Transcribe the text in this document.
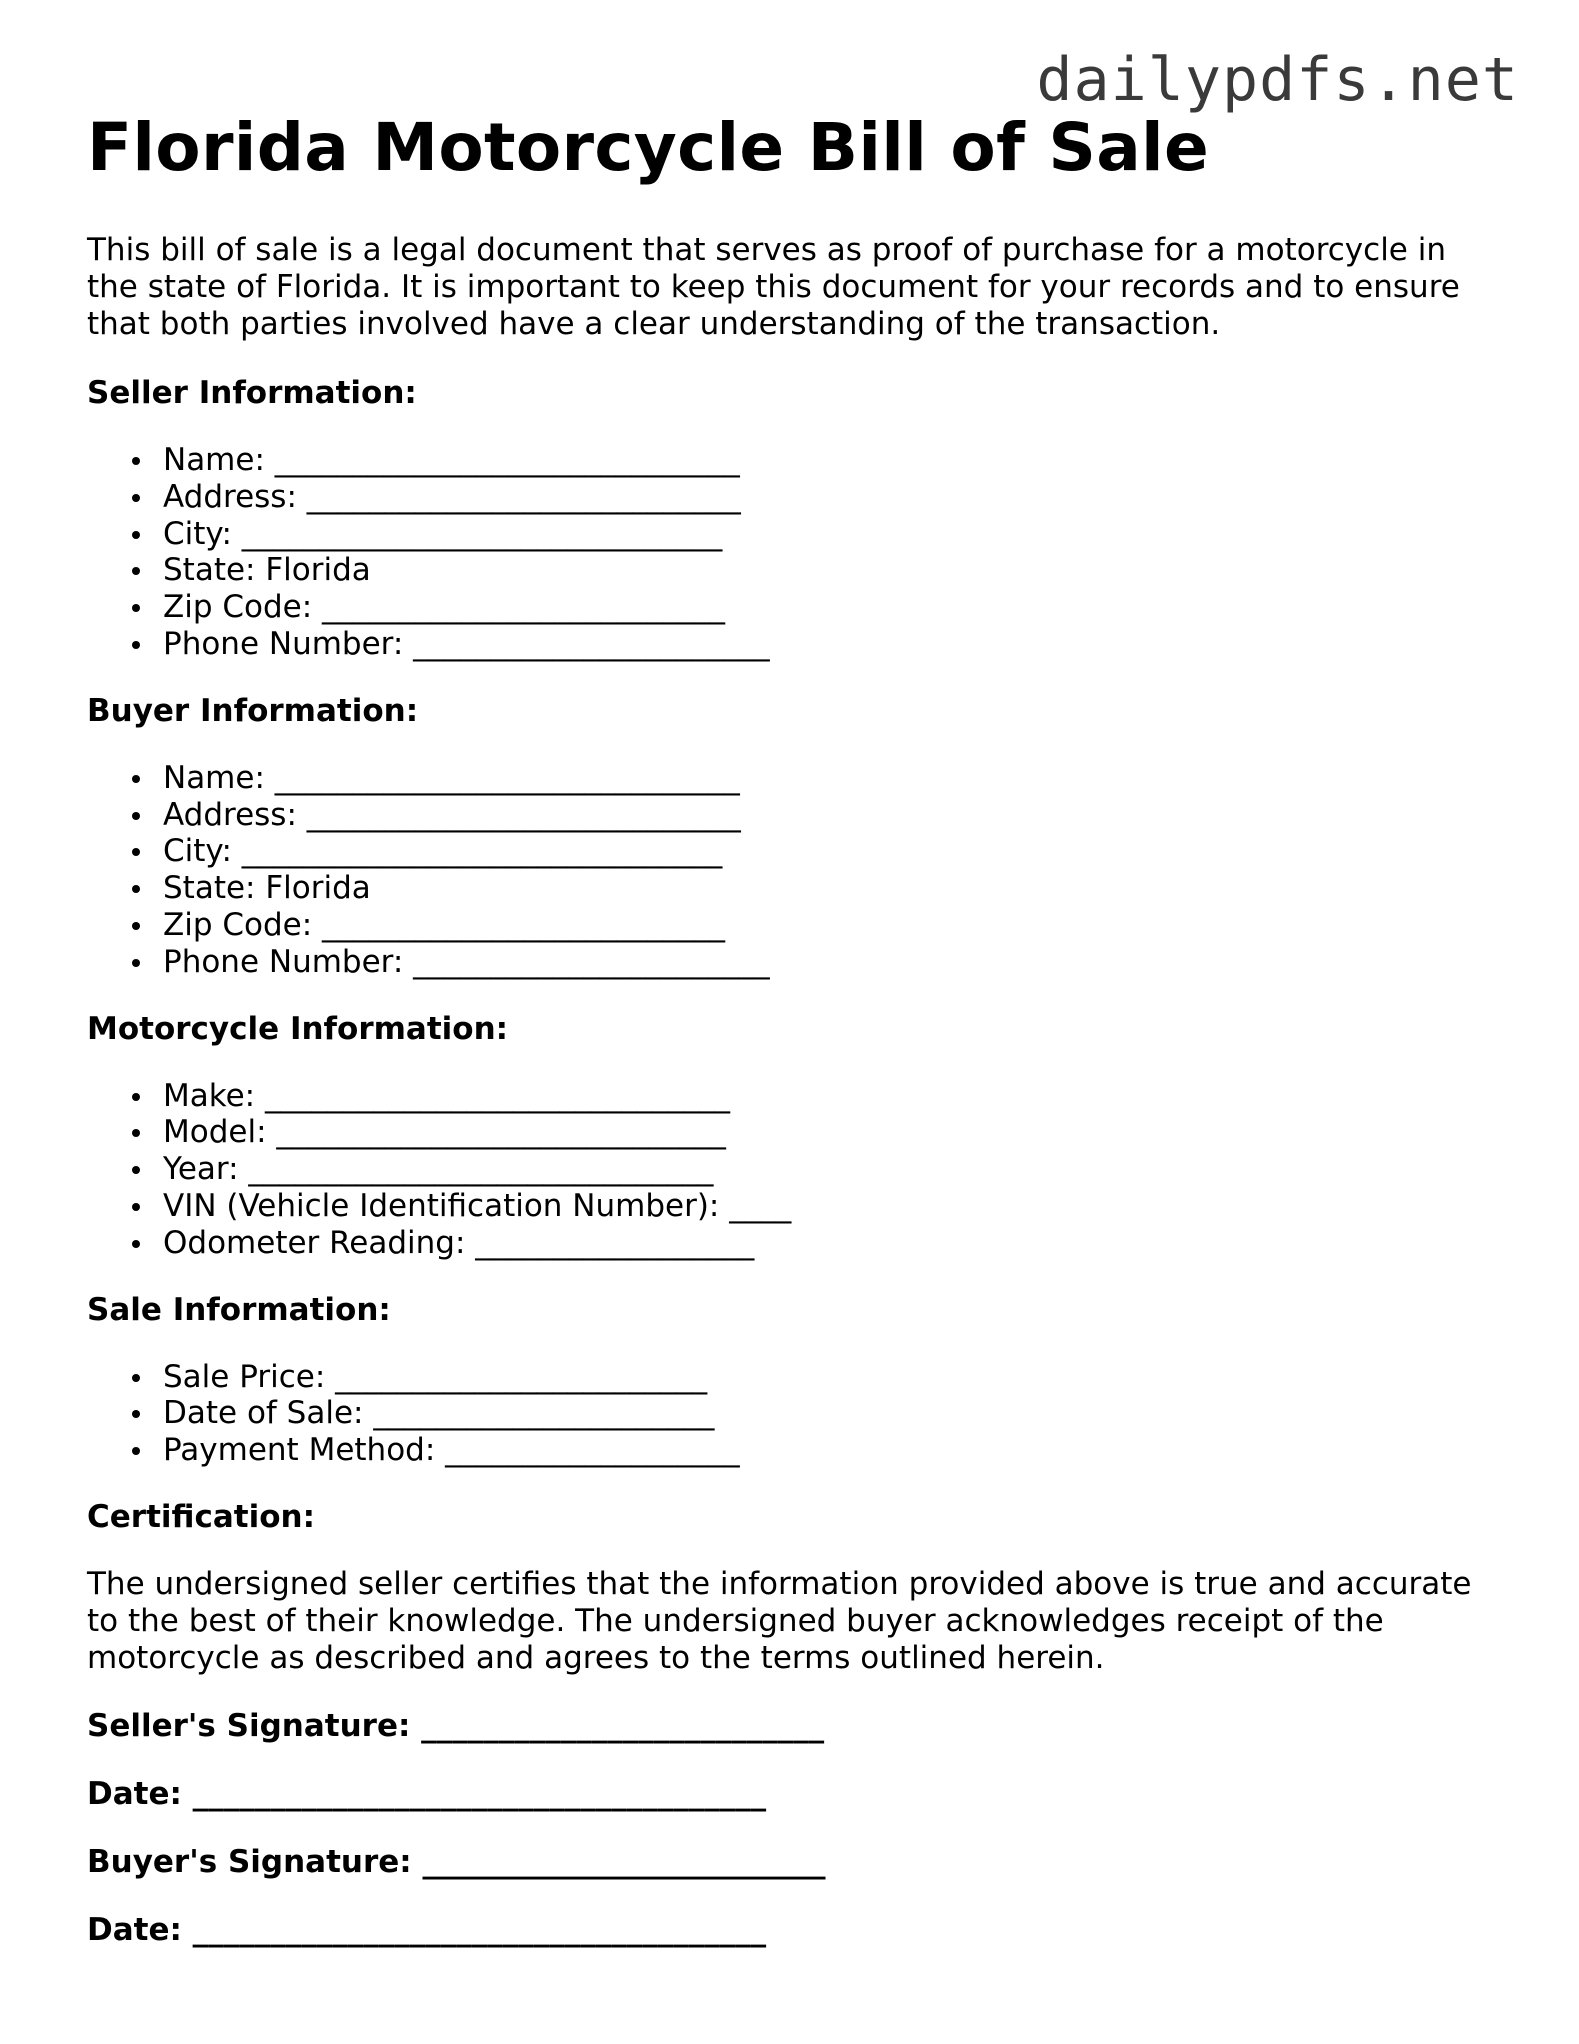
dailypdfs.net
Florida Motorcycle Bill of Sale

This bill of sale is a legal document that serves as proof of purchase for a motorcycle in the state of Florida. It is important to keep this document for your records and to ensure that both parties involved have a clear understanding of the transaction.

Seller Information:
Name: ______________________________
Address: ____________________________
City: _______________________________
State: Florida
Zip Code: __________________________
Phone Number: _______________________
Buyer Information:
Name: ______________________________
Address: ____________________________
City: _______________________________
State: Florida
Zip Code: __________________________
Phone Number: _______________________
Motorcycle Information:
Make: ______________________________
Model: _____________________________
Year: ______________________________
VIN (Vehicle Identification Number): ____
Odometer Reading: __________________
Sale Information:
Sale Price: ________________________
Date of Sale: ______________________
Payment Method: ___________________
Certification:

The undersigned seller certifies that the information provided above is true and accurate to the best of their knowledge. The undersigned buyer acknowledges receipt of the motorcycle as described and agrees to the terms outlined herein.

Seller's Signature: __________________________
Date: _____________________________________
Buyer's Signature: __________________________
Date: _____________________________________
